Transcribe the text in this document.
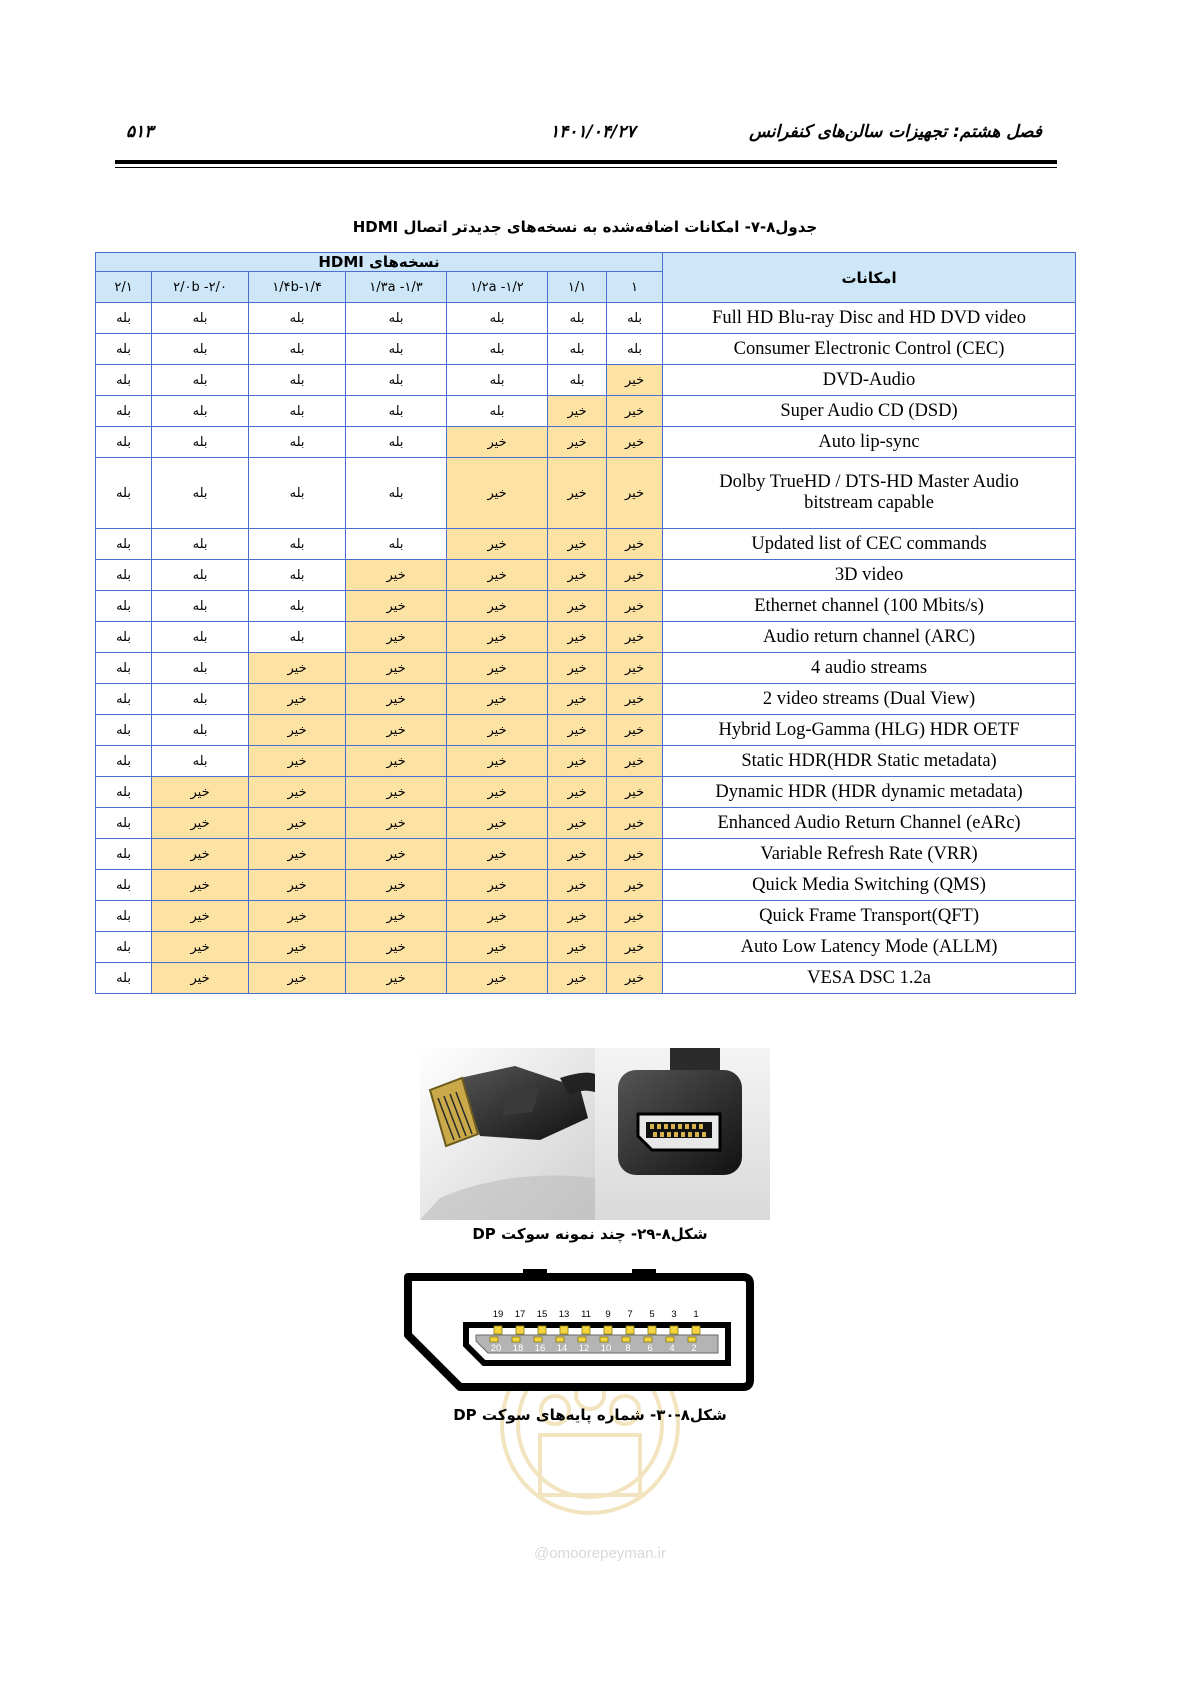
۵۱۳	۱۴۰۱/۰۴/۲۷	فصل هشتم: تجهیزات سالن‌های کنفرانس
جدول۸-۷- امکانات اضافه‌شده به نسخه‌های جدیدتر اتصال HDMI
امکانات	نسخه‌های HDMI						
	۱	۱/۱	۱/۲a -۱/۲	۱/۳a -۱/۳	۱/۴b-۱/۴	۲/۰b -۲/۰	۲/۱
Full HD Blu-ray Disc and HD DVD video	بله	بله	بله	بله	بله	بله	بله
Consumer Electronic Control (CEC)	بله	بله	بله	بله	بله	بله	بله
DVD-Audio	خیر	بله	بله	بله	بله	بله	بله
Super Audio CD (DSD)	خیر	خیر	بله	بله	بله	بله	بله
Auto lip-sync	خیر	خیر	خیر	بله	بله	بله	بله
Dolby TrueHD / DTS-HD Master Audio
bitstream capable	خیر	خیر	خیر	بله	بله	بله	بله
Updated list of CEC commands	خیر	خیر	خیر	بله	بله	بله	بله
3D video	خیر	خیر	خیر	خیر	بله	بله	بله
Ethernet channel (100 Mbits/s)	خیر	خیر	خیر	خیر	بله	بله	بله
Audio return channel (ARC)	خیر	خیر	خیر	خیر	بله	بله	بله
4 audio streams	خیر	خیر	خیر	خیر	خیر	بله	بله
2 video streams (Dual View)	خیر	خیر	خیر	خیر	خیر	بله	بله
Hybrid Log-Gamma (HLG) HDR OETF	خیر	خیر	خیر	خیر	خیر	بله	بله
Static HDR(HDR Static metadata)	خیر	خیر	خیر	خیر	خیر	بله	بله
Dynamic HDR (HDR dynamic metadata)	خیر	خیر	خیر	خیر	خیر	خیر	بله
Enhanced Audio Return Channel (eARc)	خیر	خیر	خیر	خیر	خیر	خیر	بله
Variable Refresh Rate (VRR)	خیر	خیر	خیر	خیر	خیر	خیر	بله
Quick Media Switching (QMS)	خیر	خیر	خیر	خیر	خیر	خیر	بله
Quick Frame Transport(QFT)	خیر	خیر	خیر	خیر	خیر	خیر	بله
Auto Low Latency Mode (ALLM)	خیر	خیر	خیر	خیر	خیر	خیر	بله
VESA DSC 1.2a	خیر	خیر	خیر	خیر	خیر	خیر	بله
شکل۸-۲۹- چند نمونه سوکت DP
19 17 15 13 11 9 7 5 3 1
20 18 16 14 12 10 8 6 4 2
شکل۸-۳۰- شماره پایه‌های سوکت DP
@omoorepeyman.ir
